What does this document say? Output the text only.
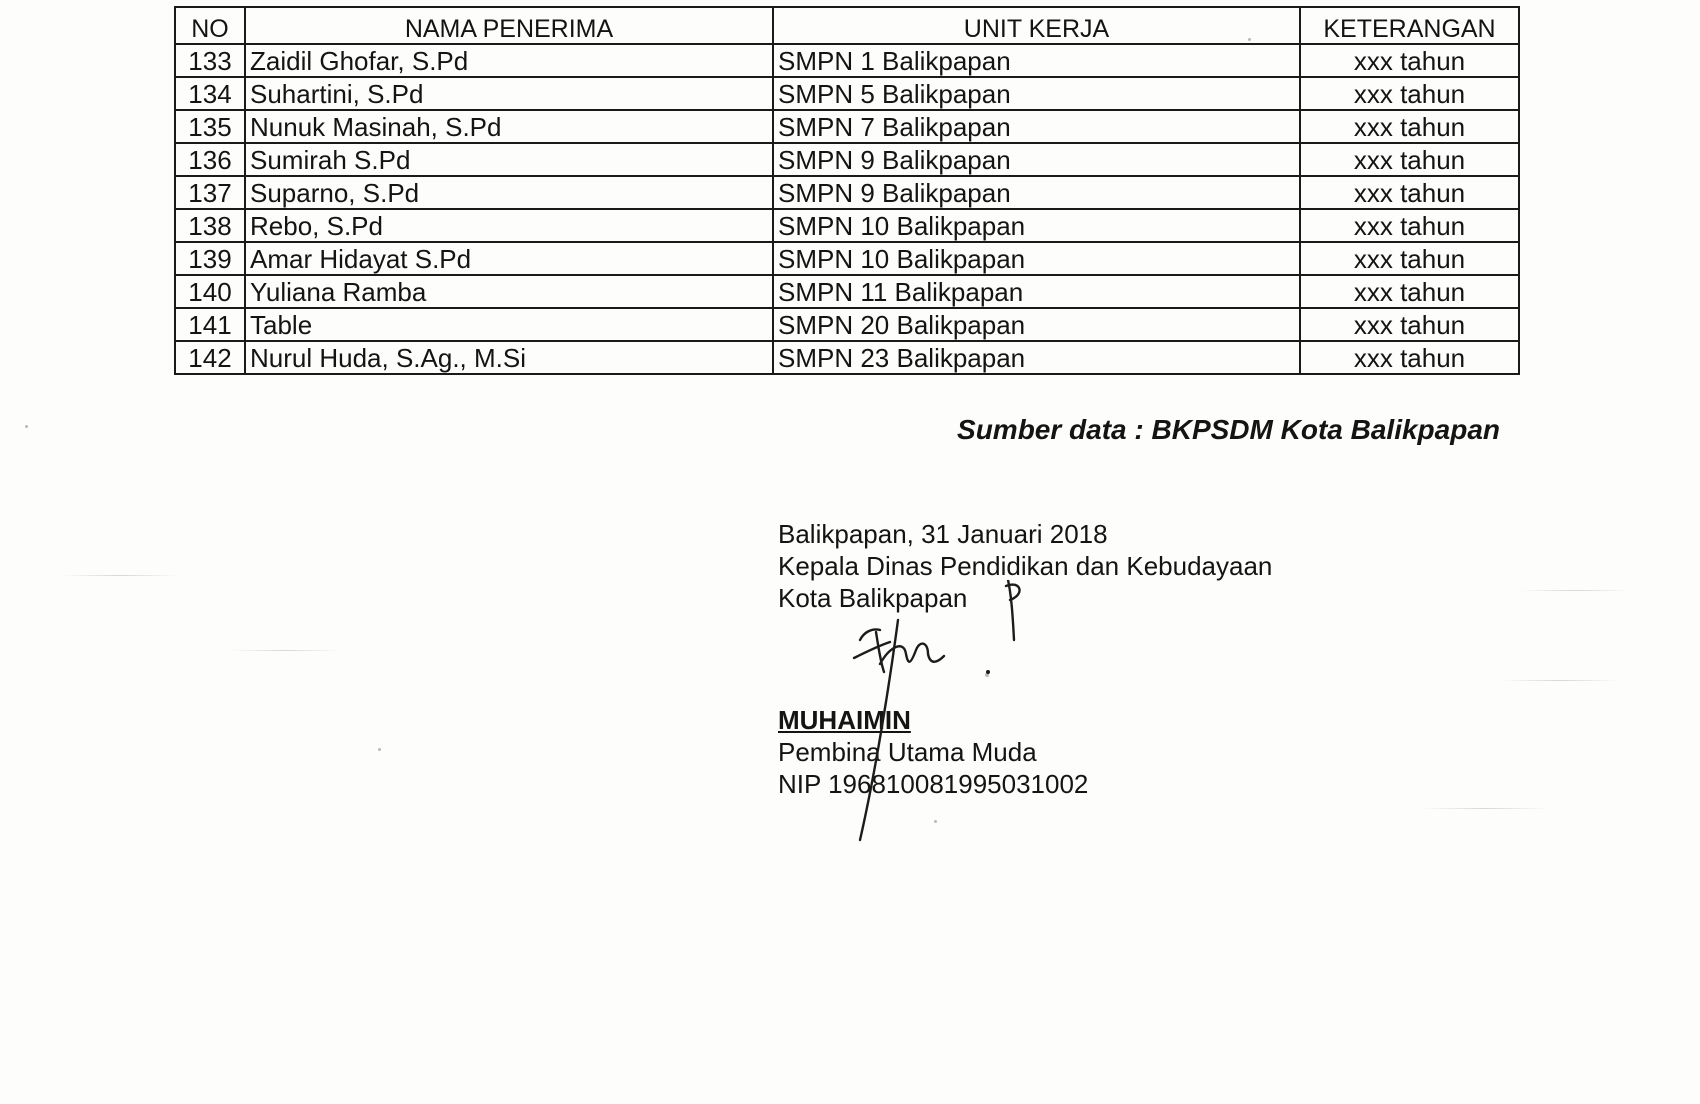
NO	NAMA PENERIMA	UNIT KERJA	KETERANGAN
133	Zaidil Ghofar, S.Pd	SMPN 1 Balikpapan	xxx tahun
134	Suhartini, S.Pd	SMPN 5 Balikpapan	xxx tahun
135	Nunuk Masinah, S.Pd	SMPN 7 Balikpapan	xxx tahun
136	Sumirah S.Pd	SMPN 9 Balikpapan	xxx tahun
137	Suparno, S.Pd	SMPN 9 Balikpapan	xxx tahun
138	Rebo, S.Pd	SMPN 10 Balikpapan	xxx tahun
139	Amar Hidayat S.Pd	SMPN 10 Balikpapan	xxx tahun
140	Yuliana Ramba	SMPN 11 Balikpapan	xxx tahun
141	Table	SMPN 20 Balikpapan	xxx tahun
142	Nurul Huda, S.Ag., M.Si	SMPN 23 Balikpapan	xxx tahun
Sumber data : BKPSDM Kota Balikpapan
Balikpapan, 31 Januari 2018
Kepala Dinas Pendidikan dan Kebudayaan
Kota Balikpapan
MUHAIMIN
Pembina Utama Muda
NIP 196810081995031002
